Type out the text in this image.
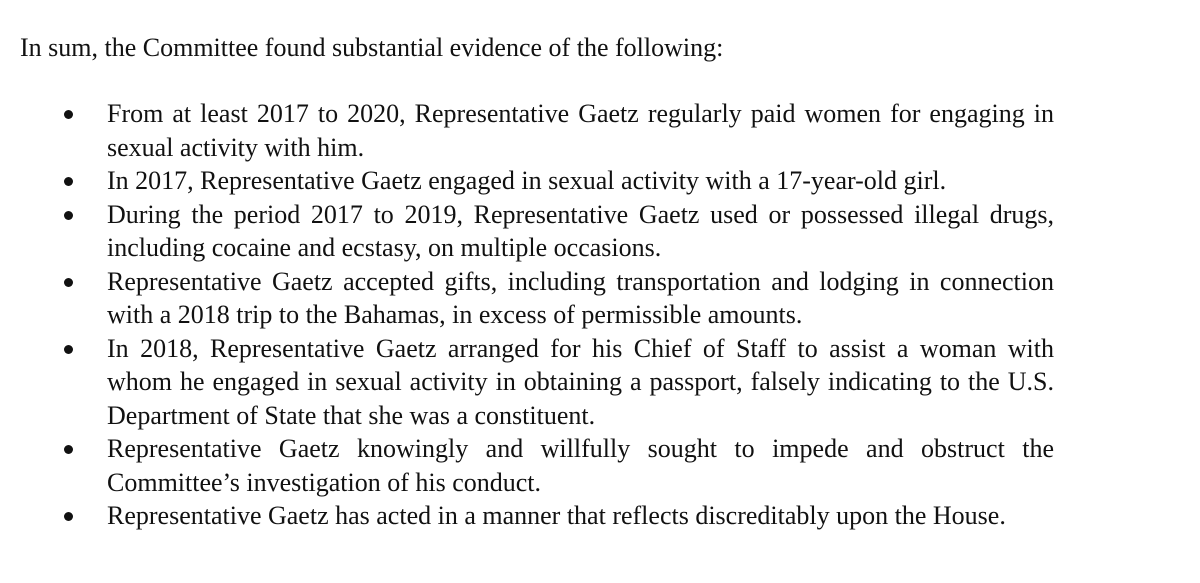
In sum, the Committee found substantial evidence of the following:

From at least 2017 to 2020, Representative Gaetz regularly paid women for engaging in sexual activity with him.
In 2017, Representative Gaetz engaged in sexual activity with a 17-year-old girl.
During the period 2017 to 2019, Representative Gaetz used or possessed illegal drugs, including cocaine and ecstasy, on multiple occasions.
Representative Gaetz accepted gifts, including transportation and lodging in connection with a 2018 trip to the Bahamas, in excess of permissible amounts.
In 2018, Representative Gaetz arranged for his Chief of Staff to assist a woman with whom he engaged in sexual activity in obtaining a passport, falsely indicating to the U.S. Department of State that she was a constituent.
Representative Gaetz knowingly and willfully sought to impede and obstruct the Committee’s investigation of his conduct.
Representative Gaetz has acted in a manner that reflects discreditably upon the House.
